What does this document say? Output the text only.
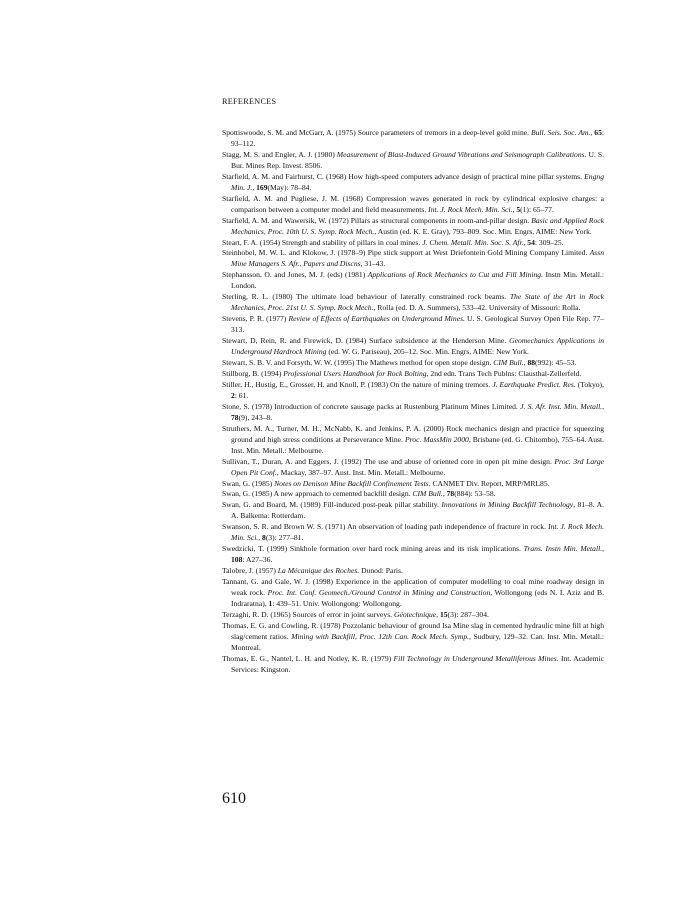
REFERENCES
Spottiswoode, S. M. and McGarr, A. (1975) Source parameters of tremors in a deep-level gold mine. Bull. Seis. Soc. Am., 65: 93–112.
Stagg, M. S. and Engler, A. J. (1980) Measurement of Blast-Induced Ground Vibrations and Seismograph Calibrations. U. S. Bur. Mines Rep. Invest. 8506.
Starfield, A. M. and Fairhurst, C. (1968) How high-speed computers advance design of practical mine pillar systems. Engng Min. J., 169(May): 78–84.
Starfield, A. M. and Pugliese, J. M. (1968) Compression waves generated in rock by cylindrical explosive charges: a comparison between a computer model and field measurements. Int. J. Rock Mech. Min. Sci., 5(1): 65–77.
Starfield, A. M. and Wawersik, W. (1972) Pillars as structural components in room-and-pillar design. Basic and Applied Rock Mechanics, Proc. 10th U. S. Symp. Rock Mech., Austin (ed. K. E. Gray), 793–809. Soc. Min. Engrs, AIME: New York.
Steart, F. A. (1954) Strength and stability of pillars in coal mines. J. Chem. Metall. Min. Soc. S. Afr., 54: 309–25.
Steinhobel, M. W. L. and Klokow, J. (1978–9) Pipe stick support at West Driefontein Gold Mining Company Limited. Assn Mine Managers S. Afr., Papers and Discns, 31–43.
Stephansson, O. and Jones, M. J. (eds) (1981) Applications of Rock Mechanics to Cut and Fill Mining. Instn Min. Metall.: London.
Sterling, R. L. (1980) The ultimate load behaviour of laterally constrained rock beams. The State of the Art in Rock Mechanics, Proc. 21st U. S. Symp. Rock Mech., Rolla (ed. D. A. Summers), 533–42. University of Missouri: Rolla.
Stevens, P. R. (1977) Review of Effects of Earthquakes on Underground Mines. U. S. Geological Survey Open File Rep. 77–313.
Stewart, D, Rein, R. and Firewick, D. (1984) Surface subsidence at the Henderson Mine. Geomechanics Applications in Underground Hardrock Mining (ed. W. G. Pariseau), 205–12. Soc. Min. Engrs, AIME: New York.
Stewart, S. B. V. and Forsyth, W. W. (1995) The Mathews method for open stope design. CIM Bull., 88(992): 45–53.
Stillborg, B. (1994) Professional Users Handbook for Rock Bolting, 2nd edn. Trans Tech Publns: Clausthal-Zellerfeld.
Stiller, H., Hustig, E., Grosser, H. and Knoll, P. (1983) On the nature of mining tremors. J. Earthquake Predict. Res. (Tokyo), 2: 61.
Stone, S. (1978) Introduction of concrete sausage packs at Rustenburg Platinum Mines Limited. J. S. Afr. Inst. Min. Metall., 78(9), 243–8.
Struthers, M. A., Turner, M. H., McNabb, K. and Jenkins, P. A. (2000) Rock mechanics design and practice for squeezing ground and high stress conditions at Perseverance Mine. Proc. MassMin 2000, Brisbane (ed. G. Chitombo), 755–64. Aust. Inst. Min. Metall.: Melbourne.
Sullivan, T., Duran, A. and Eggers, J. (1992) The use and abuse of oriented core in open pit mine design. Proc. 3rd Large Open Pit Conf., Mackay, 387–97. Aust. Inst. Min. Metall.: Melbourne.
Swan, G. (1985) Notes on Denison Mine Backfill Confinement Tests. CANMET Div. Report, MRP/MRL85.
Swan, G. (1985) A new approach to cemented backfill design. CIM Bull., 78(884): 53–58.
Swan, G. and Board, M. (1989) Fill-induced post-peak pillar stability. Innovations in Mining Backfill Technology, 81–8. A. A. Balkema: Rotterdam.
Swanson, S. R. and Brown W. S. (1971) An observation of loading path independence of fracture in rock. Int. J. Rock Mech. Min. Sci., 8(3): 277–81.
Swedzicki, T. (1999) Sinkhole formation over hard rock mining areas and its risk implications. Trans. Instn Min. Metall., 108: A27–36.
Talobre, J. (1957) La Mécanique des Roches. Dunod: Paris.
Tannant, G. and Gale, W. J. (1998) Experience in the application of computer modelling to coal mine roadway design in weak rock. Proc. Int. Conf. Geomech./Ground Control in Mining and Construction, Wollongong (eds N. I. Aziz and B. Indraratna), 1: 439–51. Univ. Wollongong: Wollongong.
Terzaghi, R. D. (1965) Sources of error in joint surveys. Géotechnique, 15(3): 287–304.
Thomas, E. G. and Cowling, R. (1978) Pozzolanic behaviour of ground Isa Mine slag in cemented hydraulic mine fill at high slag/cement ratios. Mining with Backfill, Proc. 12th Can. Rock Mech. Symp., Sudbury, 129–32. Can. Inst. Min. Metall.: Montreal.
Thomas, E. G., Nantel, L. H. and Notley, K. R. (1979) Fill Technology in Underground Metalliferous Mines. Int. Academic Services: Kingston.
610
